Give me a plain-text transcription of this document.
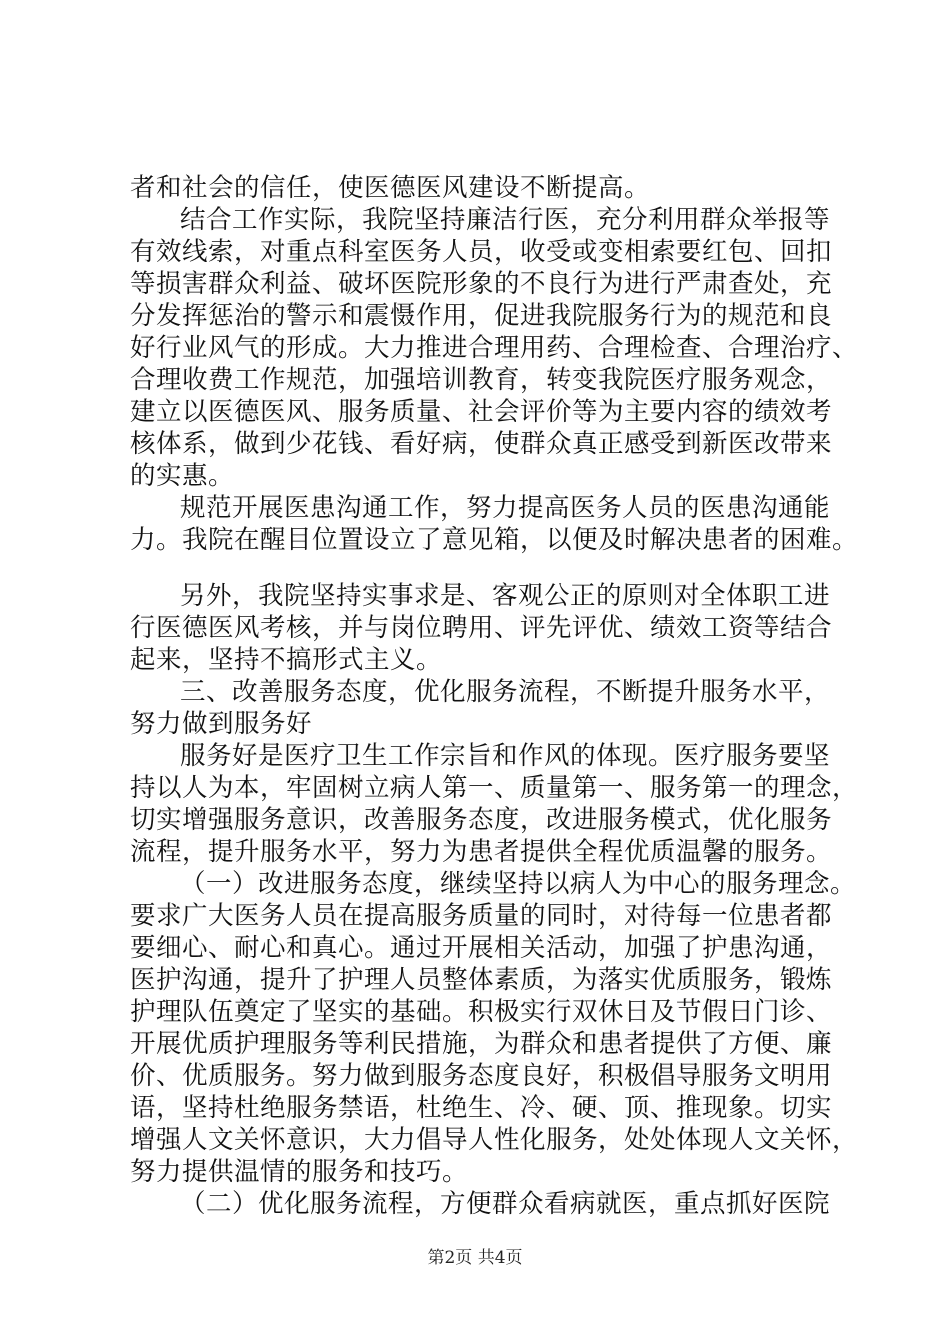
者和社会的信任，使医德医风建设不断提高。
结合工作实际，我院坚持廉洁行医，充分利用群众举报等
有效线索，对重点科室医务人员，收受或变相索要红包、回扣
等损害群众利益、破坏医院形象的不良行为进行严肃查处，充
分发挥惩治的警示和震慑作用，促进我院服务行为的规范和良
好行业风气的形成。大力推进合理用药、合理检查、合理治疗、
合理收费工作规范，加强培训教育，转变我院医疗服务观念，
建立以医德医风、服务质量、社会评价等为主要内容的绩效考
核体系，做到少花钱、看好病，使群众真正感受到新医改带来
的实惠。
规范开展医患沟通工作，努力提高医务人员的医患沟通能
力。我院在醒目位置设立了意见箱，以便及时解决患者的困难。
另外，我院坚持实事求是、客观公正的原则对全体职工进
行医德医风考核，并与岗位聘用、评先评优、绩效工资等结合
起来，坚持不搞形式主义。
三、改善服务态度，优化服务流程，不断提升服务水平，
努力做到服务好
服务好是医疗卫生工作宗旨和作风的体现。医疗服务要坚
持以人为本，牢固树立病人第一、质量第一、服务第一的理念，
切实增强服务意识，改善服务态度，改进服务模式，优化服务
流程，提升服务水平，努力为患者提供全程优质温馨的服务。
（一）改进服务态度，继续坚持以病人为中心的服务理念。
要求广大医务人员在提高服务质量的同时，对待每一位患者都
要细心、耐心和真心。通过开展相关活动，加强了护患沟通，
医护沟通，提升了护理人员整体素质，为落实优质服务，锻炼
护理队伍奠定了坚实的基础。积极实行双休日及节假日门诊、
开展优质护理服务等利民措施，为群众和患者提供了方便、廉
价、优质服务。努力做到服务态度良好，积极倡导服务文明用
语，坚持杜绝服务禁语，杜绝生、冷、硬、顶、推现象。切实
增强人文关怀意识，大力倡导人性化服务，处处体现人文关怀，
努力提供温情的服务和技巧。
（二）优化服务流程，方便群众看病就医，重点抓好医院
第2页 共4页
